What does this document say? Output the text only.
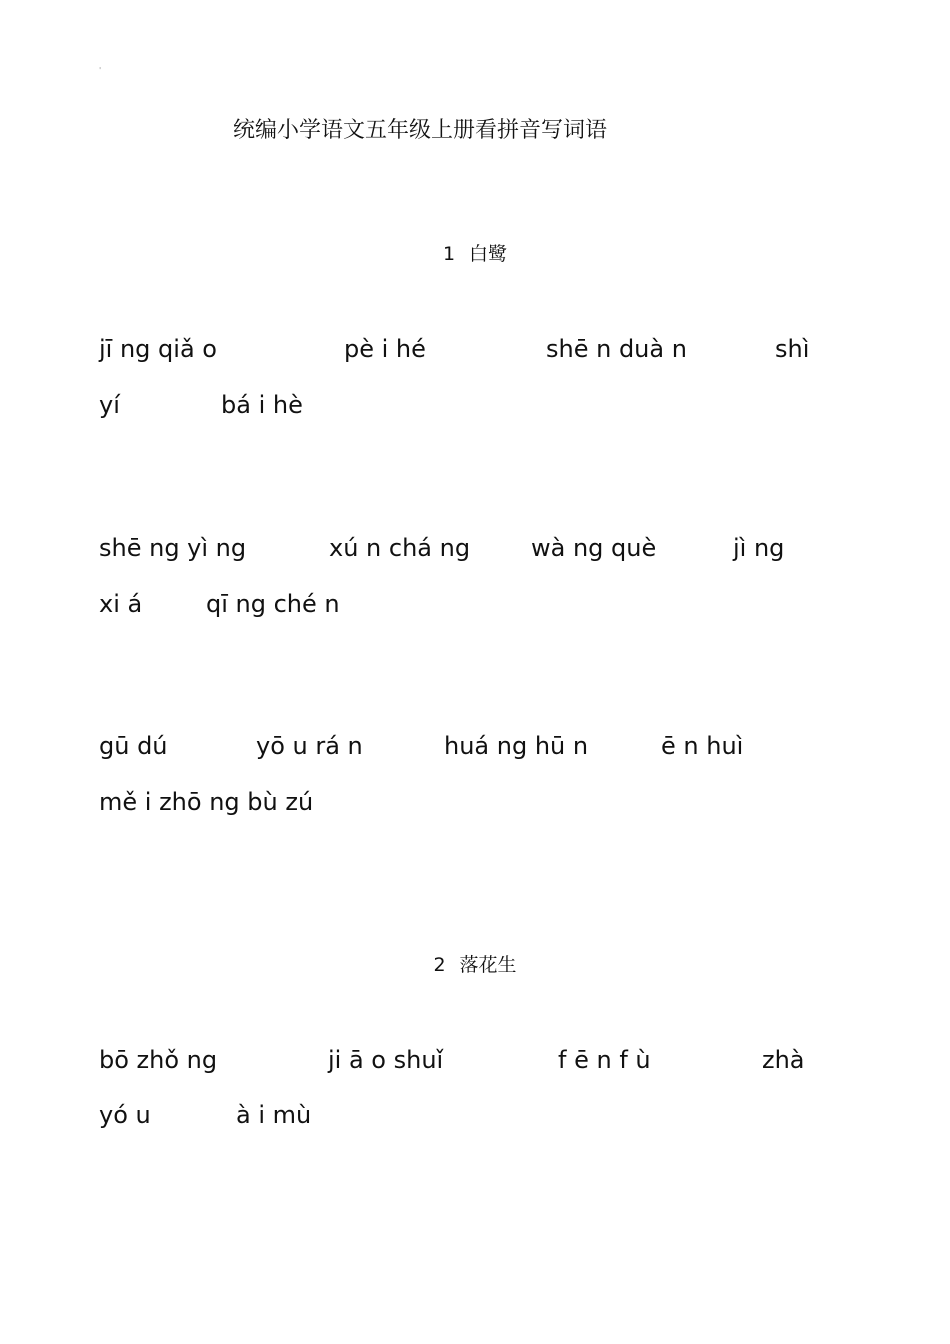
'
统编小学语文五年级上册看拼音写词语
1 白鹭
jī ng qiǎ o	pè i hé	shē n duà n	shì
yí	bá i hè
shē ng yì ng	xú n chá ng	wà ng què	jì ng
xi á	qī ng ché n
gū dú	yō u rá n	huá ng hū n	ē n huì
mě i zhō ng bù zú
2 落花生
bō zhǒ ng	ji ā o shuǐ	f ē n f ù	zhà
yó u	à i mù
